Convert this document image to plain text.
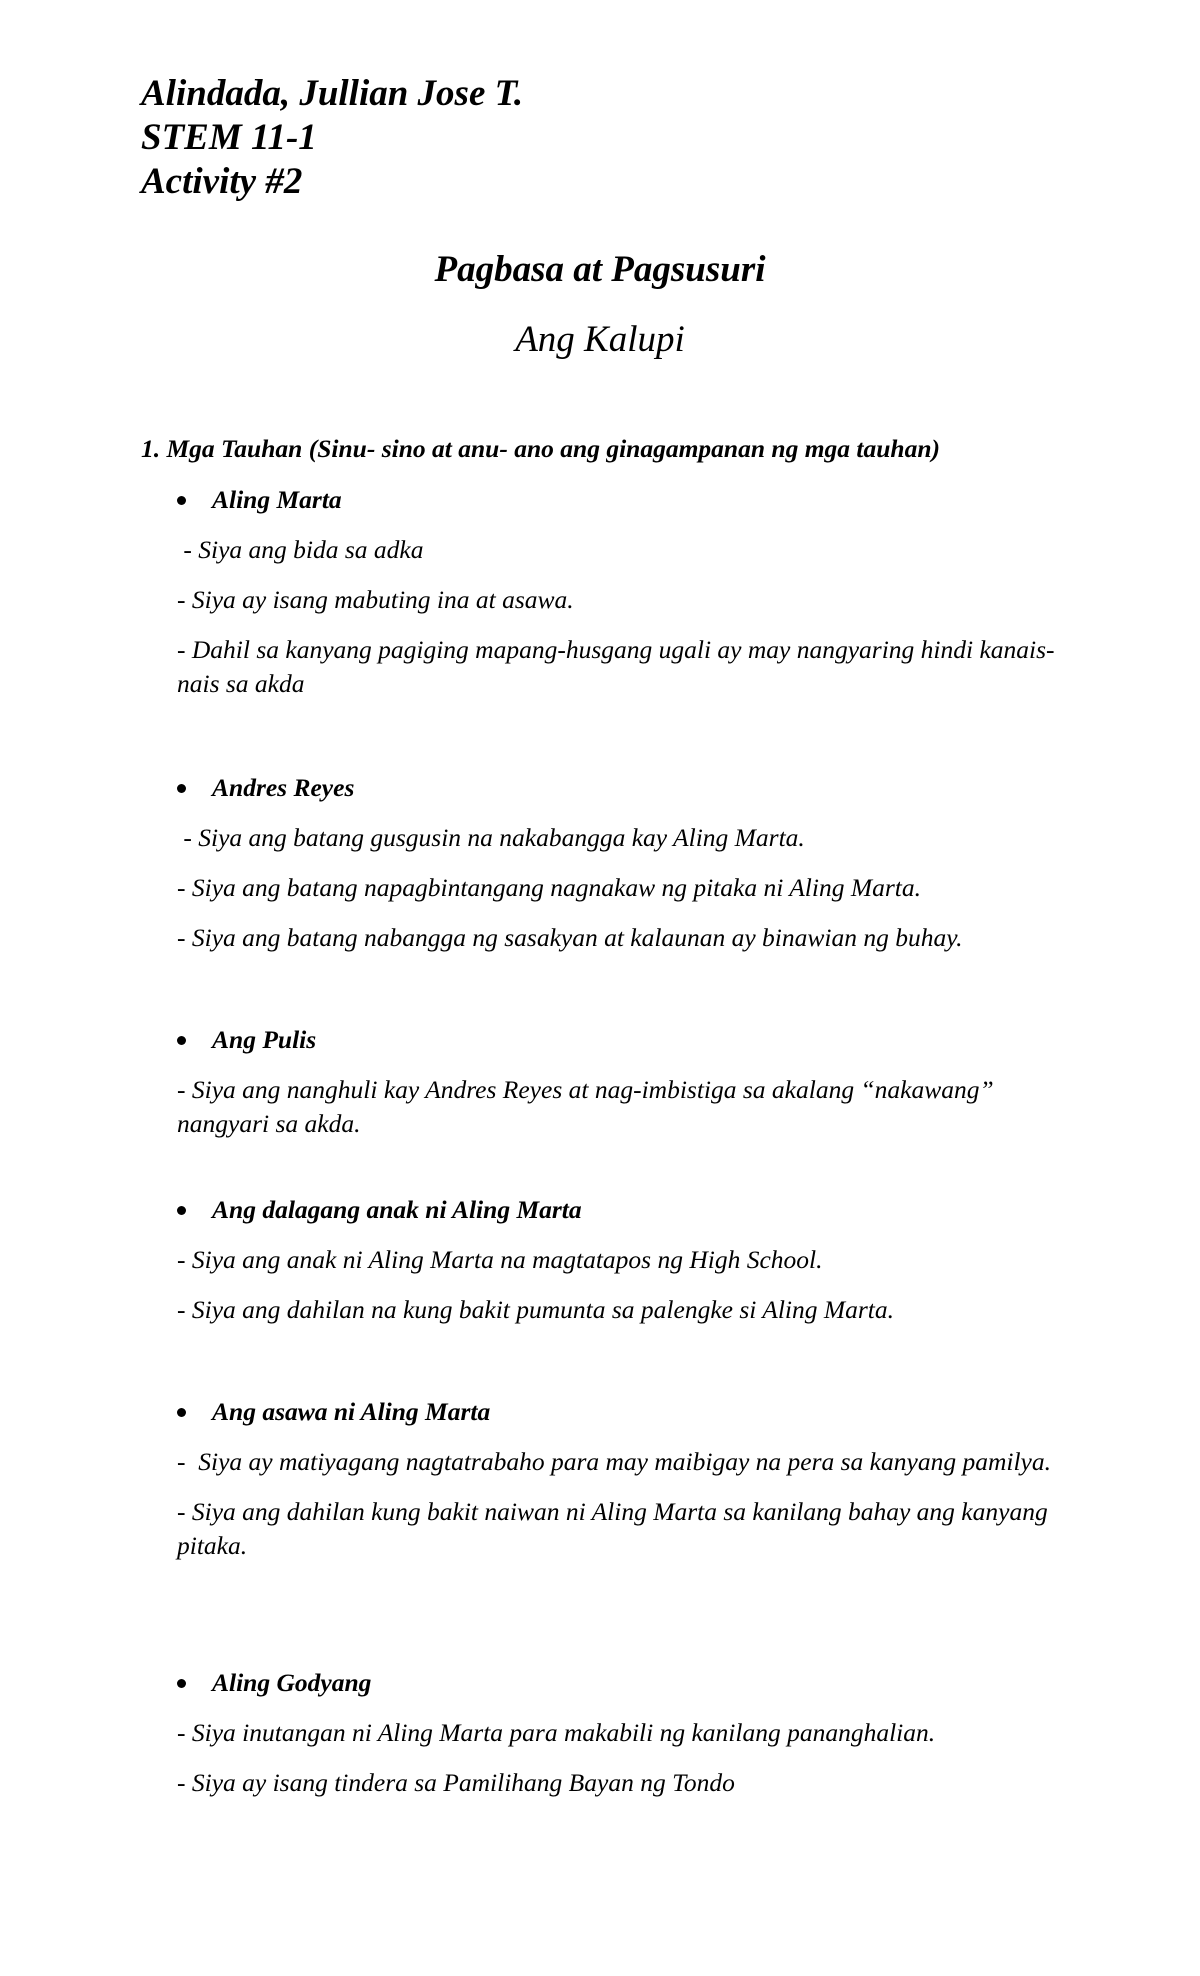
Alindada, Jullian Jose T.
STEM 11-1
Activity #2
Pagbasa at Pagsusuri
Ang Kalupi
1. Mga Tauhan (Sinu- sino at anu- ano ang ginagampanan ng mga tauhan)
Aling Marta
- Siya ang bida sa adka
- Siya ay isang mabuting ina at asawa.
- Dahil sa kanyang pagiging mapang-husgang ugali ay may nangyaring hindi kanais-nais sa akda
Andres Reyes
- Siya ang batang gusgusin na nakabangga kay Aling Marta.
- Siya ang batang napagbintangang nagnakaw ng pitaka ni Aling Marta.
- Siya ang batang nabangga ng sasakyan at kalaunan ay binawian ng buhay.
Ang Pulis
- Siya ang nanghuli kay Andres Reyes at nag-imbistiga sa akalang “nakawang” nangyari sa akda.
Ang dalagang anak ni Aling Marta
- Siya ang anak ni Aling Marta na magtatapos ng High School.
- Siya ang dahilan na kung bakit pumunta sa palengke si Aling Marta.
Ang asawa ni Aling Marta
-  Siya ay matiyagang nagtatrabaho para may maibigay na pera sa kanyang pamilya.
- Siya ang dahilan kung bakit naiwan ni Aling Marta sa kanilang bahay ang kanyang pitaka.
Aling Godyang
- Siya inutangan ni Aling Marta para makabili ng kanilang pananghalian.
- Siya ay isang tindera sa Pamilihang Bayan ng Tondo
